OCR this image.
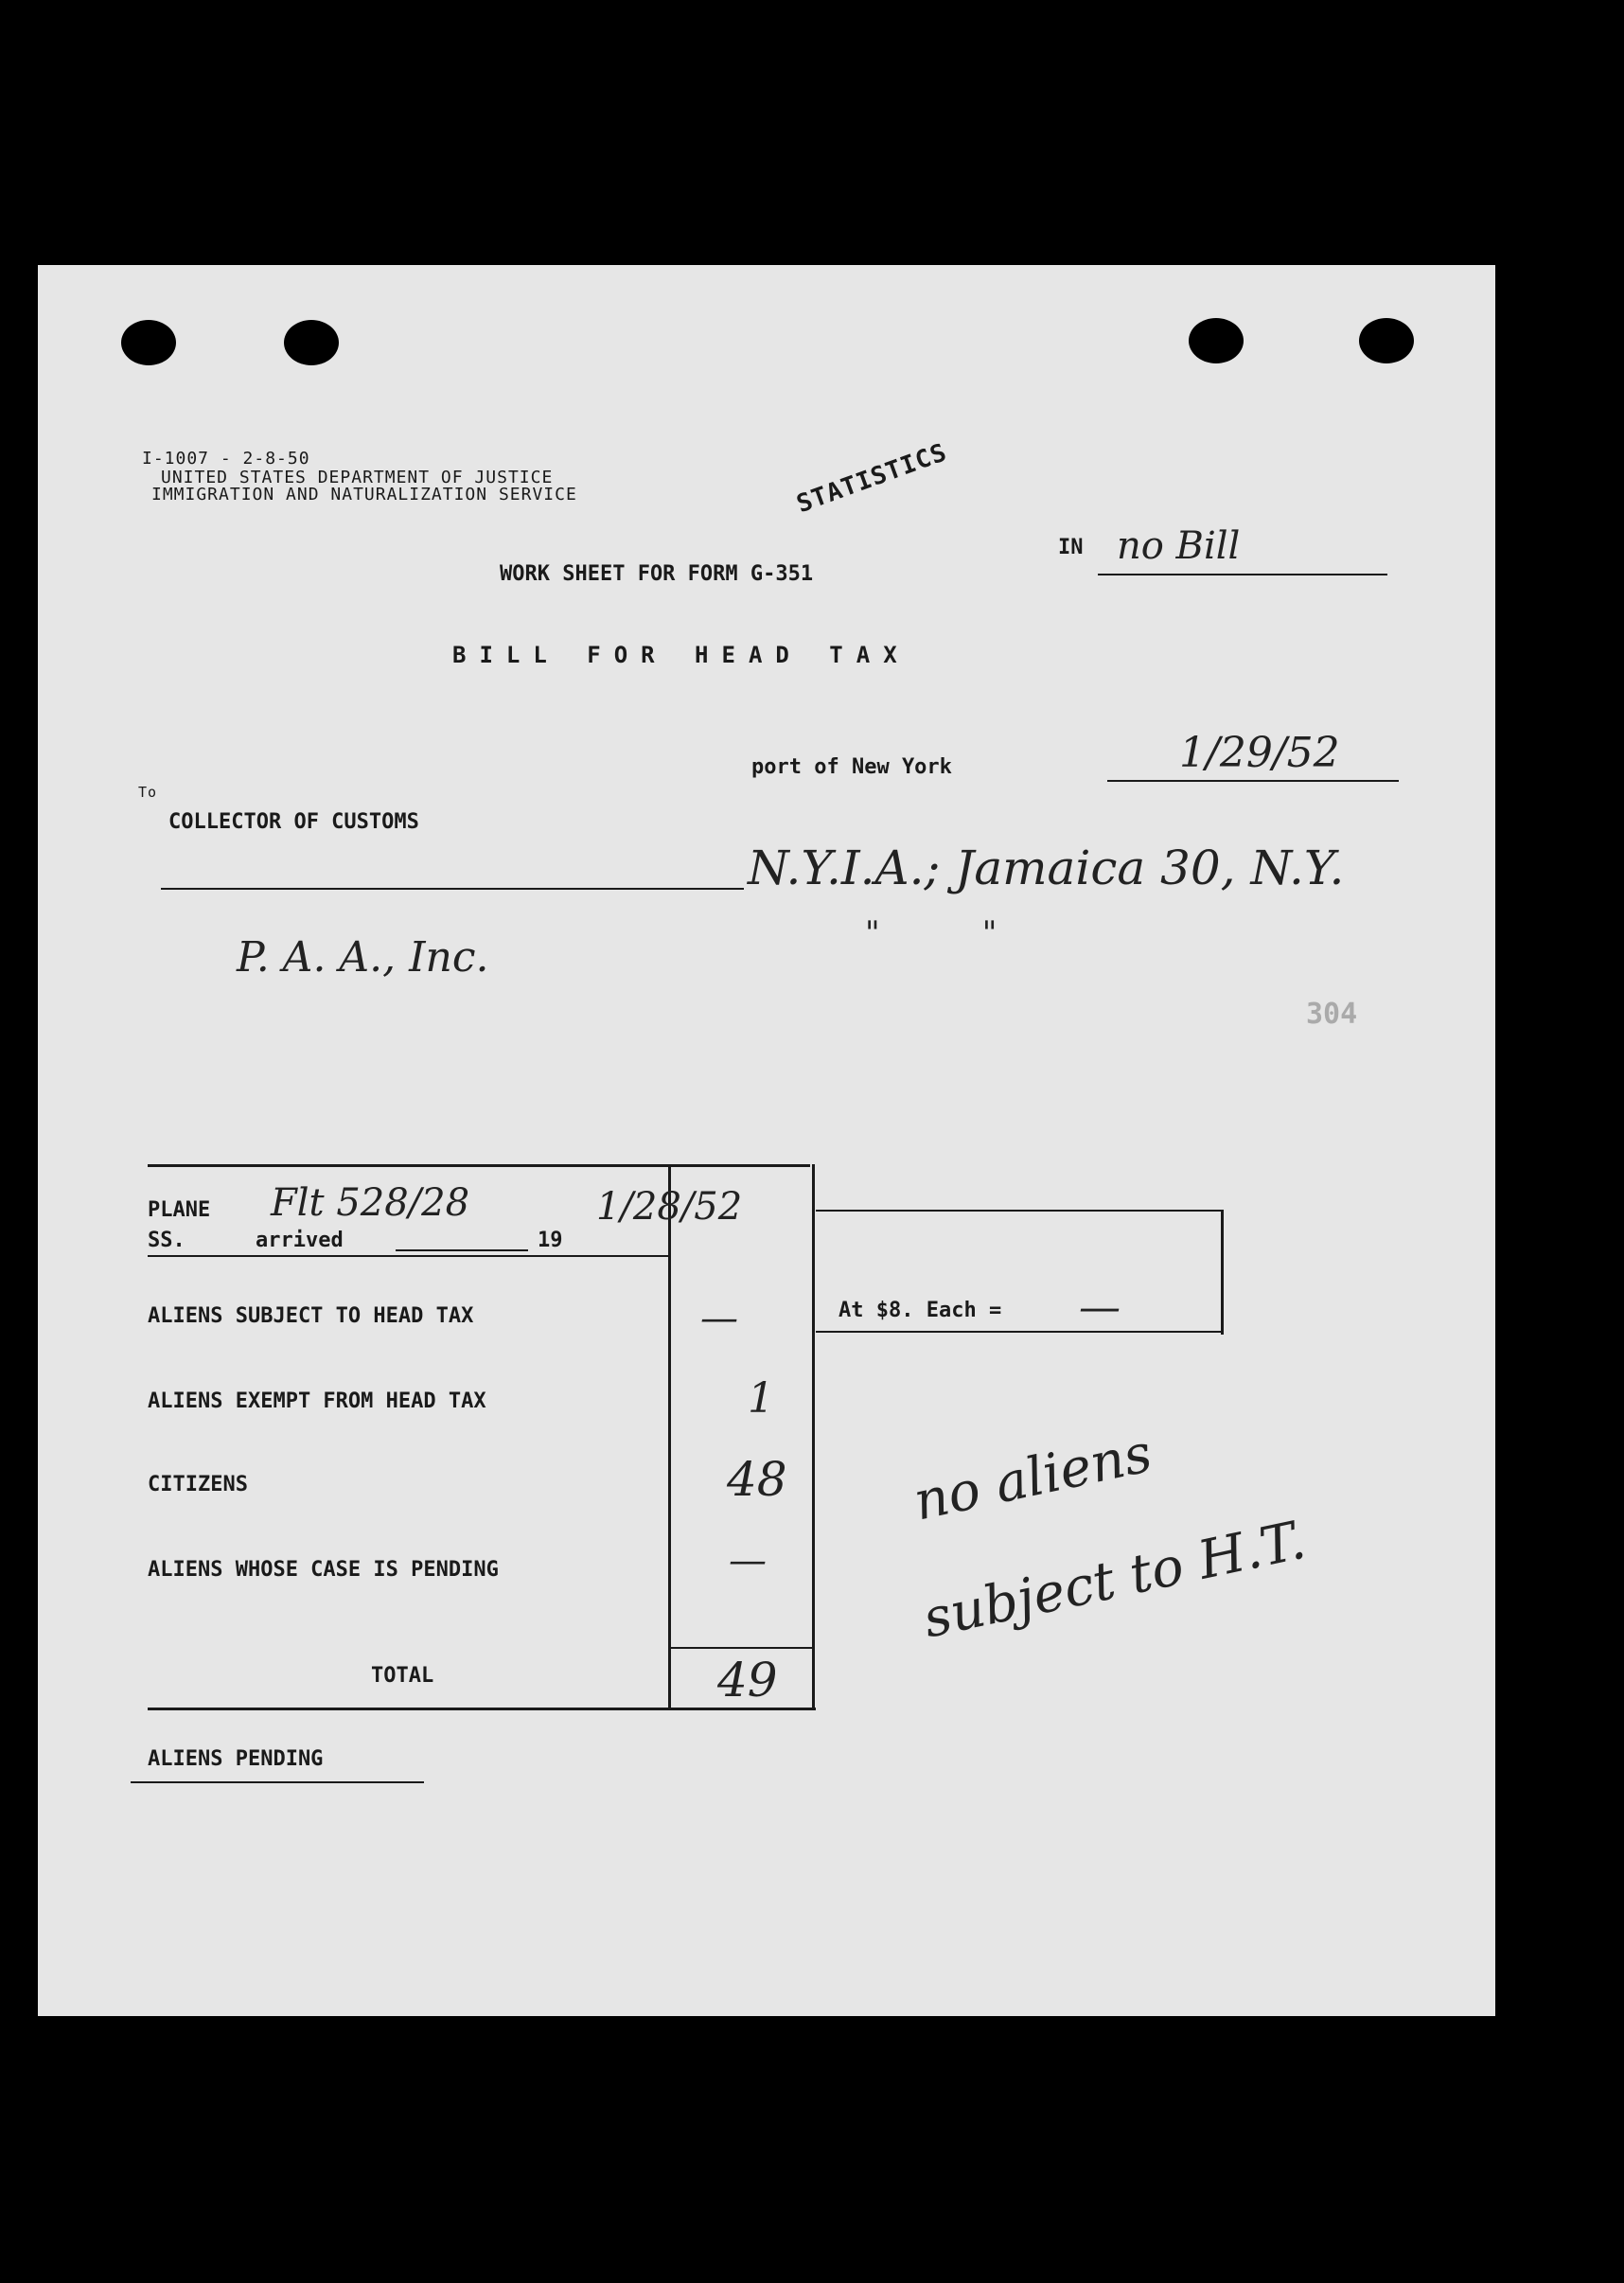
I-1007 - 2-8-50
UNITED STATES DEPARTMENT OF JUSTICE
IMMIGRATION AND NATURALIZATION SERVICE	STATISTICS
WORK SHEET FOR FORM G-351
IN no Bill
BILL FOR HEAD TAX
port of New York	1/29/52
To
COLLECTOR OF CUSTOMS
N.Y.I.A.; Jamaica 30, N.Y.
"          "
P. A. A., Inc.
304
PLANE
SS.
Flt 528/28
arrived	19
1/28/52
ALIENS SUBJECT TO HEAD TAX	—
ALIENS EXEMPT FROM HEAD TAX	1
CITIZENS	48
ALIENS WHOSE CASE IS PENDING	—
TOTAL	49
At $8. Each = —
no aliens
subject to H.T.
ALIENS PENDING
